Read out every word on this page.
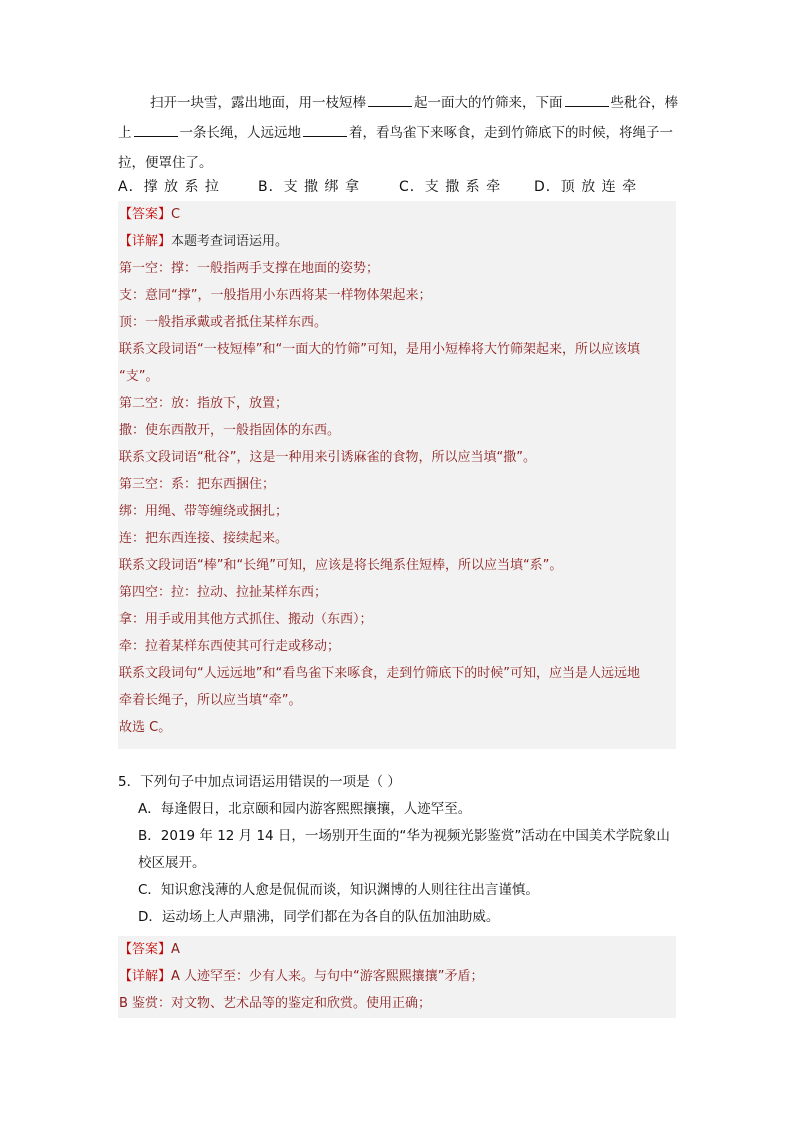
扫开一块雪，露出地面，用一枝短棒	起一面大的竹筛来，下面	些秕谷，棒
上	一条长绳，人远远地	着，看鸟雀下来啄食，走到竹筛底下的时候，将绳子一
拉，便罩住了。
A．撑 放 系 拉	B．支 撒 绑 拿	C．支 撒 系 牵 D．顶 放 连 牵
【答案】C
【详解】本题考查词语运用。
第一空：撑：一般指两手支撑在地面的姿势；
支：意同“撑”，一般指用小东西将某一样物体架起来；
顶：一般指承戴或者抵住某样东西。
联系文段词语“一枝短棒”和“一面大的竹筛”可知，是用小短棒将大竹筛架起来，所以应该填
“支”。
第二空：放：指放下，放置；
撒：使东西散开，一般指固体的东西。
联系文段词语“秕谷”，这是一种用来引诱麻雀的食物，所以应当填“撒”。
第三空：系：把东西捆住；
绑：用绳、带等缠绕或捆扎；
连：把东西连接、接续起来。
联系文段词语“棒”和“长绳”可知，应该是将长绳系住短棒，所以应当填“系”。
第四空：拉：拉动、拉扯某样东西；
拿：用手或用其他方式抓住、搬动（东西）；
牵：拉着某样东西使其可行走或移动；
联系文段词句“人远远地”和“看鸟雀下来啄食，走到竹筛底下的时候”可知，应当是人远远地
牵着长绳子，所以应当填“牵”。
故选 C。
5．下列句子中加点词语运用错误的一项是（ ）
A．每逢假日，北京颐和园内游客熙熙攘攘，人迹罕至。
B．2019 年 12 月 14 日，一场别开生面的“华为视频光影鉴赏”活动在中国美术学院象山
校区展开。
C．知识愈浅薄的人愈是侃侃而谈，知识渊博的人则往往出言谨慎。
D．运动场上人声鼎沸，同学们都在为各自的队伍加油助威。
【答案】A
【详解】A 人迹罕至：少有人来。与句中“游客熙熙攘攘”矛盾；
B 鉴赏：对文物、艺术品等的鉴定和欣赏。使用正确；
